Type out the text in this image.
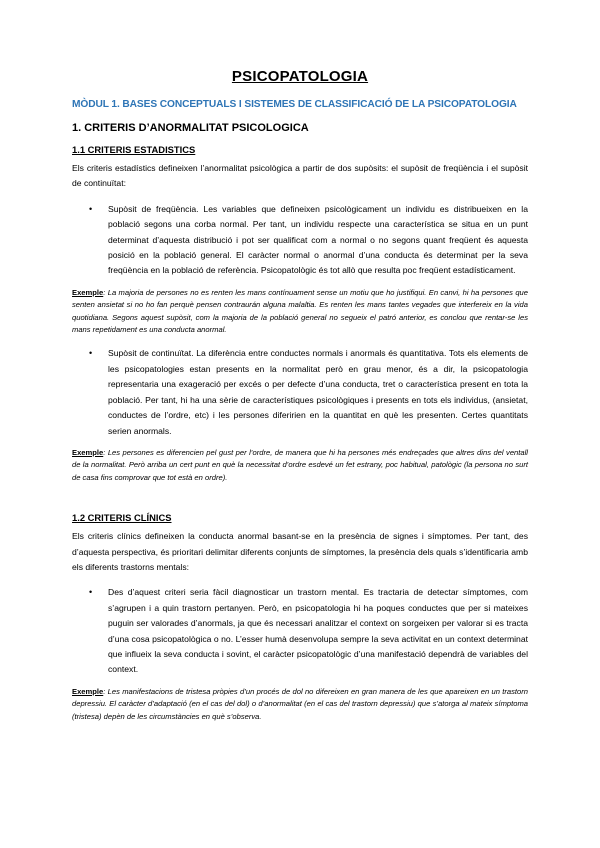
PSICOPATOLOGIA
MÒDUL 1. BASES CONCEPTUALS I SISTEMES DE CLASSIFICACIÓ DE LA PSICOPATOLOGIA
1. CRITERIS D’ANORMALITAT PSICOLOGICA
1.1 CRITERIS ESTADISTICS
Els criteris estadístics defineixen l’anormalitat psicològica a partir de dos supòsits: el supòsit de freqüència i el supòsit de continuïtat:
• Supòsit de freqüència. Les variables que defineixen psicològicament un individu es distribueixen en la població segons una corba normal. Per tant, un individu respecte una característica se situa en un punt determinat d’aquesta distribució i pot ser qualificat com a normal o no segons quant freqüent és aquesta posició en la població general. El caràcter normal o anormal d’una conducta és determinat per la seva freqüència en la població de referència. Psicopatològic és tot allò que resulta poc freqüent estadísticament.
Exemple: La majoria de persones no es renten les mans contínuament sense un motiu que ho justifiqui. En canvi, hi ha persones que senten ansietat si no ho fan perquè pensen contraurán alguna malaltia. Es renten les mans tantes vegades que interfereix en la vida quotidiana. Segons aquest supòsit, com la majoria de la població general no segueix el patró anterior, es conclou que rentar-se les mans repetidament es una conducta anormal.
• Supòsit de continuïtat. La diferència entre conductes normals i anormals és quantitativa. Tots els elements de les psicopatologies estan presents en la normalitat però en grau menor, és a dir, la psicopatologia representaria una exageració per excés o per defecte d’una conducta, tret o característica present en tota la població. Per tant, hi ha una sèrie de característiques psicològiques i presents en tots els individus, (ansietat, conductes de l’ordre, etc) i les persones diferirien en la quantitat en què les presenten. Certes quantitats serien anormals.
Exemple: Les persones es diferencien pel gust per l’ordre, de manera que hi ha persones més endreçades que altres dins del ventall de la normalitat. Però arriba un cert punt en què la necessitat d’ordre esdevé un fet estrany, poc habitual, patològic (la persona no surt de casa fins comprovar que tot està en ordre).
1.2 CRITERIS CLÍNICS
Els criteris clínics defineixen la conducta anormal basant-se en la presència de signes i símptomes. Per tant, des d’aquesta perspectiva, és prioritari delimitar diferents conjunts de símptomes, la presència dels quals s’identificaria amb els diferents trastorns mentals:
• Des d’aquest criteri seria fàcil diagnosticar un trastorn mental. Es tractaria de detectar símptomes, com s’agrupen i a quin trastorn pertanyen. Però, en psicopatologia hi ha poques conductes que per si mateixes puguin ser valorades d’anormals, ja que és necessari analitzar el context on sorgeixen per valorar si es tracta d’una cosa psicopatològica o no. L’esser humà desenvolupa sempre la seva activitat en un context determinat que influeix la seva conducta i sovint, el caràcter psicopatològic d’una manifestació dependrà de variables del context.
Exemple: Les manifestacions de tristesa pròpies d’un procés de dol no difereixen en gran manera de les que apareixen en un trastorn depressiu. El caràcter d’adaptació (en el cas del dol) o d’anormalitat (en el cas del trastorn depressiu) que s’atorga al mateix símptoma (tristesa) depèn de les circumstàncies en què s’observa.
